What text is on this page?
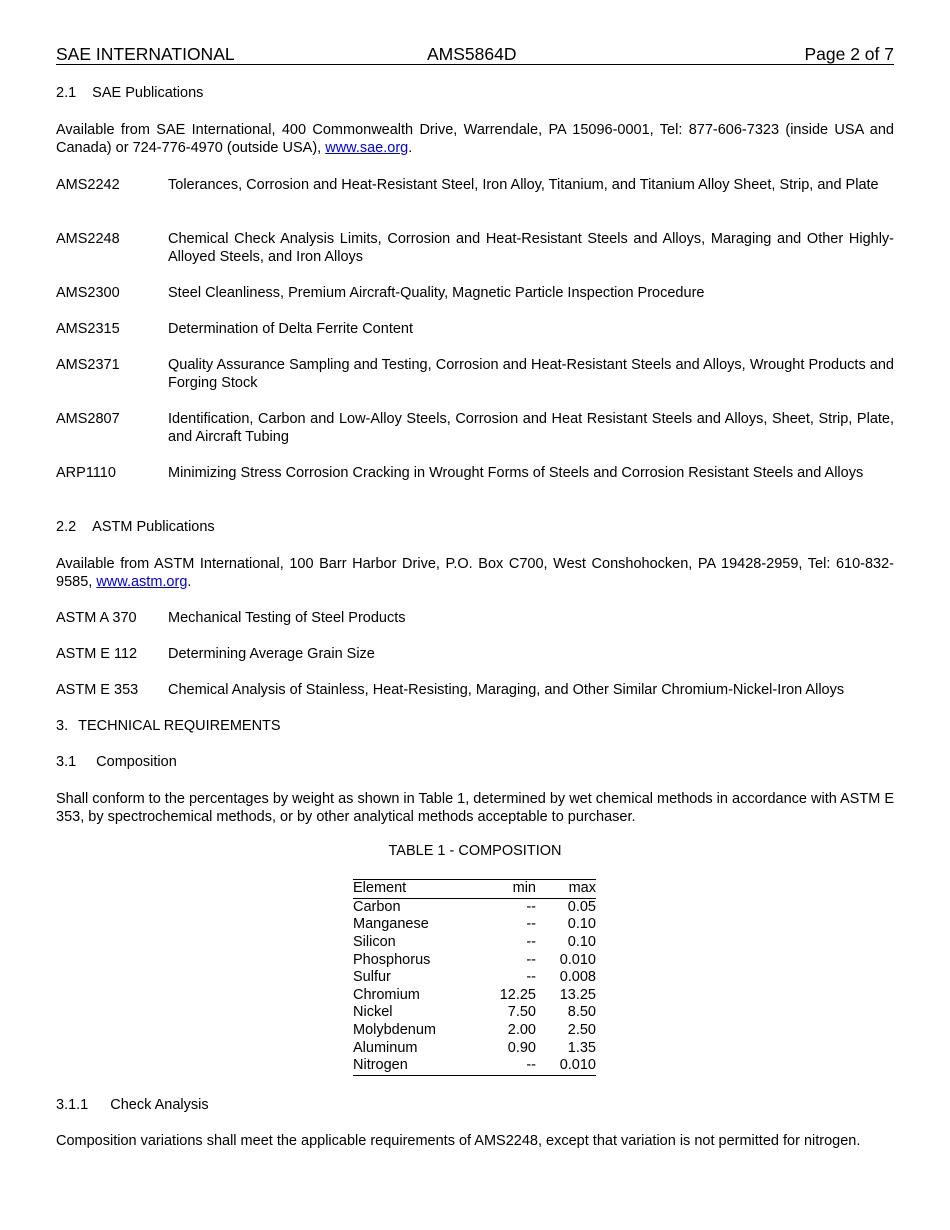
SAE INTERNATIONAL	AMS5864D	Page 2 of 7
2.1 SAE Publications
Available from SAE International, 400 Commonwealth Drive, Warrendale, PA 15096-0001, Tel: 877-606-7323 (inside USA and Canada) or 724-776-4970 (outside USA), www.sae.org.
AMS2242	Tolerances, Corrosion and Heat-Resistant Steel, Iron Alloy, Titanium, and Titanium Alloy Sheet, Strip, and Plate
AMS2248	Chemical Check Analysis Limits, Corrosion and Heat-Resistant Steels and Alloys, Maraging and Other Highly-Alloyed Steels, and Iron Alloys
AMS2300	Steel Cleanliness, Premium Aircraft-Quality, Magnetic Particle Inspection Procedure
AMS2315	Determination of Delta Ferrite Content
AMS2371	Quality Assurance Sampling and Testing, Corrosion and Heat-Resistant Steels and Alloys, Wrought Products and Forging Stock
AMS2807	Identification, Carbon and Low-Alloy Steels, Corrosion and Heat Resistant Steels and Alloys, Sheet, Strip, Plate, and Aircraft Tubing
ARP1110	Minimizing Stress Corrosion Cracking in Wrought Forms of Steels and Corrosion Resistant Steels and Alloys
2.2 ASTM Publications
Available from ASTM International, 100 Barr Harbor Drive, P.O. Box C700, West Conshohocken, PA 19428-2959, Tel: 610-832-9585, www.astm.org.
ASTM A 370 Mechanical Testing of Steel Products
ASTM E 112 Determining Average Grain Size
ASTM E 353 Chemical Analysis of Stainless, Heat-Resisting, Maraging, and Other Similar Chromium-Nickel-Iron Alloys
3. TECHNICAL REQUIREMENTS
3.1 Composition
Shall conform to the percentages by weight as shown in Table 1, determined by wet chemical methods in accordance with ASTM E 353, by spectrochemical methods, or by other analytical methods acceptable to purchaser.
TABLE 1 - COMPOSITION
Element	min	max
Carbon	--	0.05
Manganese	--	0.10
Silicon	--	0.10
Phosphorus	--	0.010
Sulfur	--	0.008
Chromium	12.25	13.25
Nickel	7.50	8.50
Molybdenum	2.00	2.50
Aluminum	0.90	1.35
Nitrogen	--	0.010
3.1.1 Check Analysis
Composition variations shall meet the applicable requirements of AMS2248, except that variation is not permitted for nitrogen.
